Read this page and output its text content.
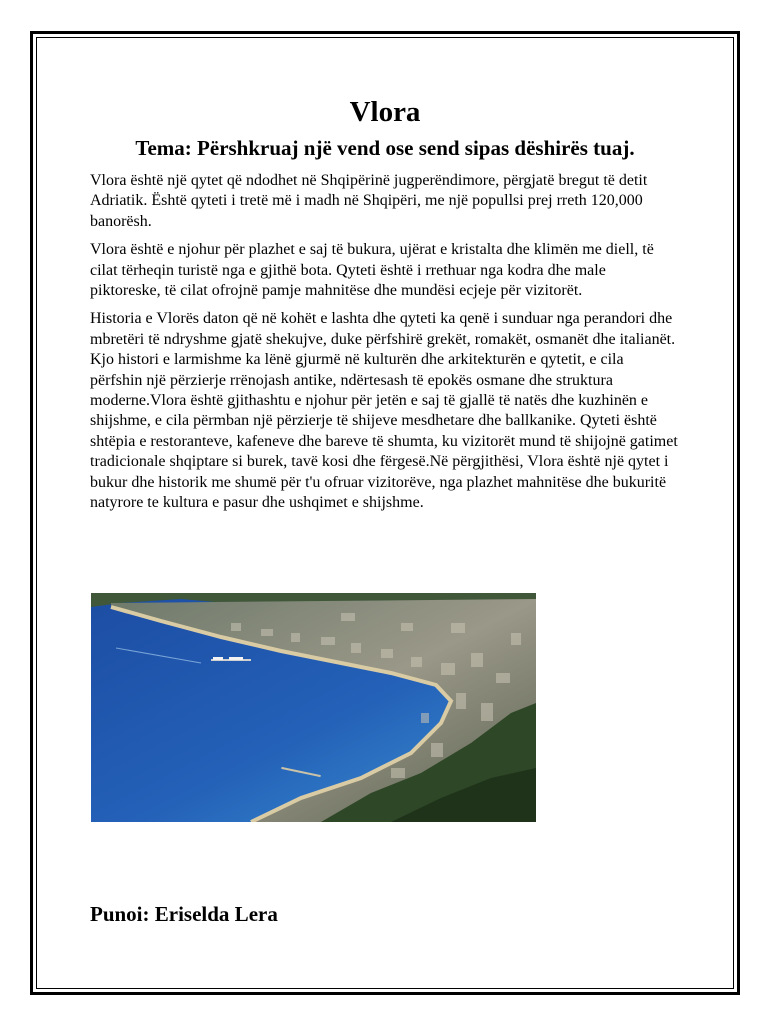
Vlora
Tema: Përshkruaj një vend ose send sipas dëshirës tuaj.

Vlora është një qytet që ndodhet në Shqipërinë jugperëndimore, përgjatë bregut të detit Adriatik. Është qyteti i tretë më i madh në Shqipëri, me një popullsi prej rreth 120,000 banorësh.

Vlora është e njohur për plazhet e saj të bukura, ujërat e kristalta dhe klimën me diell, të cilat tërheqin turistë nga e gjithë bota. Qyteti është i rrethuar nga kodra dhe male piktoreske, të cilat ofrojnë pamje mahnitëse dhe mundësi ecjeje për vizitorët.

Historia e Vlorës daton që në kohët e lashta dhe qyteti ka qenë i sunduar nga perandori dhe mbretëri të ndryshme gjatë shekujve, duke përfshirë grekët, romakët, osmanët dhe italianët. Kjo histori e larmishme ka lënë gjurmë në kulturën dhe arkitekturën e qytetit, e cila përfshin një përzierje rrënojash antike, ndërtesash të epokës osmane dhe struktura moderne.Vlora është gjithashtu e njohur për jetën e saj të gjallë të natës dhe kuzhinën e shijshme, e cila përmban një përzierje të shijeve mesdhetare dhe ballkanike. Qyteti është shtëpia e restoranteve, kafeneve dhe bareve të shumta, ku vizitorët mund të shijojnë gatimet tradicionale shqiptare si burek, tavë kosi dhe fërgesë.Në përgjithësi, Vlora është një qytet i bukur dhe historik me shumë për t'u ofruar vizitorëve, nga plazhet mahnitëse dhe bukuritë natyrore te kultura e pasur dhe ushqimet e shijshme.

Punoi: Eriselda Lera
